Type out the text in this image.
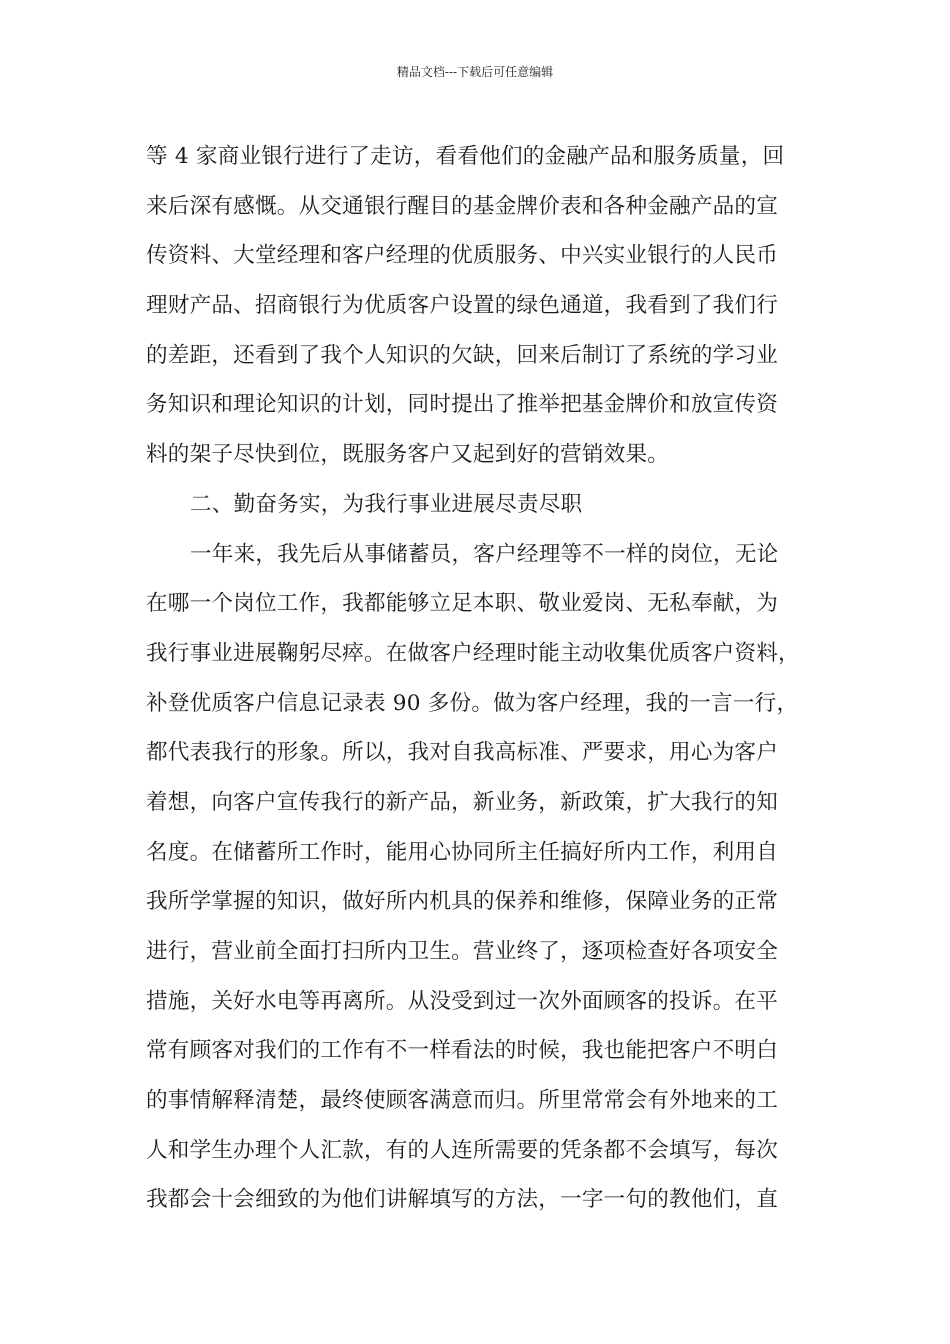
精品文档---下载后可任意编辑
等 4 家商业银行进行了走访，看看他们的金融产品和服务质量，回
来后深有感慨。从交通银行醒目的基金牌价表和各种金融产品的宣
传资料、大堂经理和客户经理的优质服务、中兴实业银行的人民币
理财产品、招商银行为优质客户设置的绿色通道，我看到了我们行
的差距，还看到了我个人知识的欠缺，回来后制订了系统的学习业
务知识和理论知识的计划，同时提出了推举把基金牌价和放宣传资
料的架子尽快到位，既服务客户又起到好的营销效果。
二、勤奋务实，为我行事业进展尽责尽职
一年来，我先后从事储蓄员，客户经理等不一样的岗位，无论
在哪一个岗位工作，我都能够立足本职、敬业爱岗、无私奉献，为
我行事业进展鞠躬尽瘁。在做客户经理时能主动收集优质客户资料，
补登优质客户信息记录表 90 多份。做为客户经理，我的一言一行，
都代表我行的形象。所以，我对自我高标准、严要求，用心为客户
着想，向客户宣传我行的新产品，新业务，新政策，扩大我行的知
名度。在储蓄所工作时，能用心协同所主任搞好所内工作，利用自
我所学掌握的知识，做好所内机具的保养和维修，保障业务的正常
进行，营业前全面打扫所内卫生。营业终了，逐项检查好各项安全
措施，关好水电等再离所。从没受到过一次外面顾客的投诉。在平
常有顾客对我们的工作有不一样看法的时候，我也能把客户不明白
的事情解释清楚，最终使顾客满意而归。所里常常会有外地来的工
人和学生办理个人汇款，有的人连所需要的凭条都不会填写，每次
我都会十会细致的为他们讲解填写的方法，一字一句的教他们，直
